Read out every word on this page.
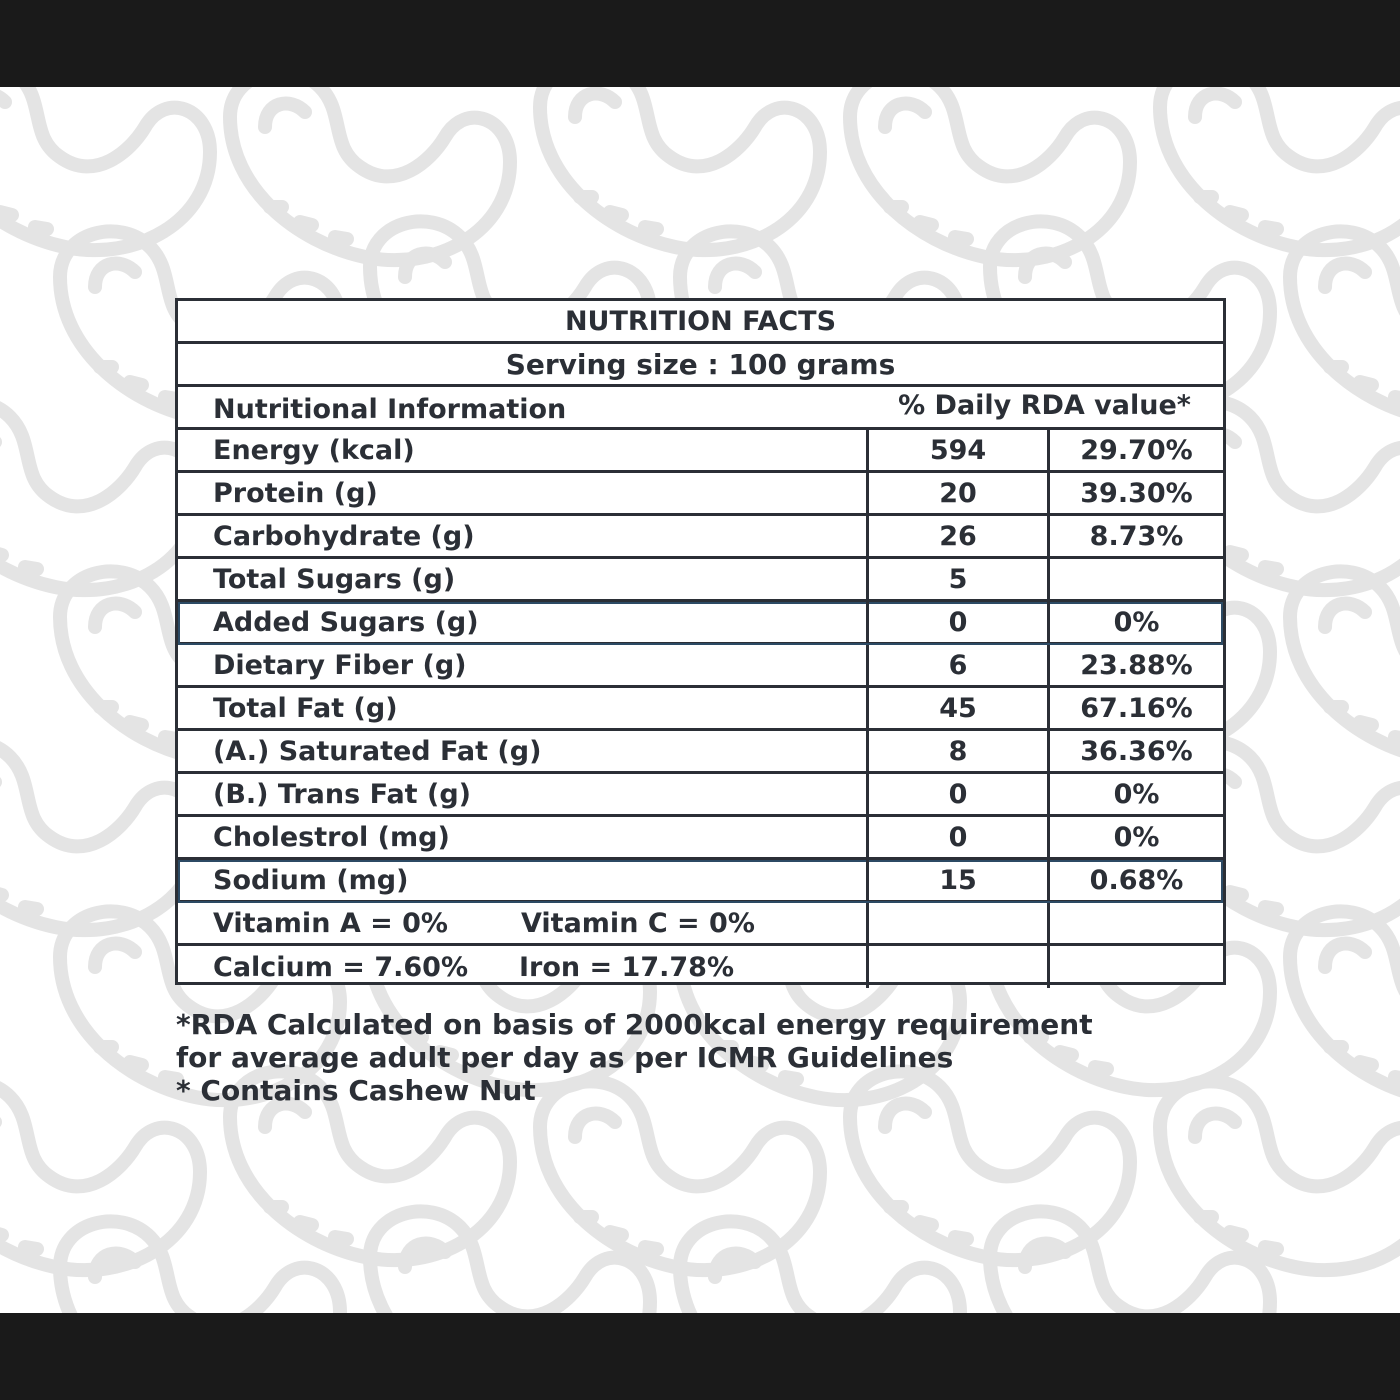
NUTRITION FACTS
Serving size : 100 grams
Nutritional Information	% Daily RDA value*
Energy (kcal)	594	29.70%
Protein (g)	20	39.30%
Carbohydrate (g)	26	8.73%
Total Sugars (g)	5
Added Sugars (g)	0	0%
Dietary Fiber (g)	6	23.88%
Total Fat (g)	45	67.16%
(A.) Saturated Fat (g)	8	36.36%
(B.) Trans Fat (g)	0	0%
Cholestrol (mg)	0	0%
Sodium (mg)	15	0.68%
Vitamin A = 0%	Vitamin C = 0%
Calcium = 7.60%	Iron = 17.78%
*RDA Calculated on basis of 2000kcal energy requirement
for average adult per day as per ICMR Guidelines
* Contains Cashew Nut
